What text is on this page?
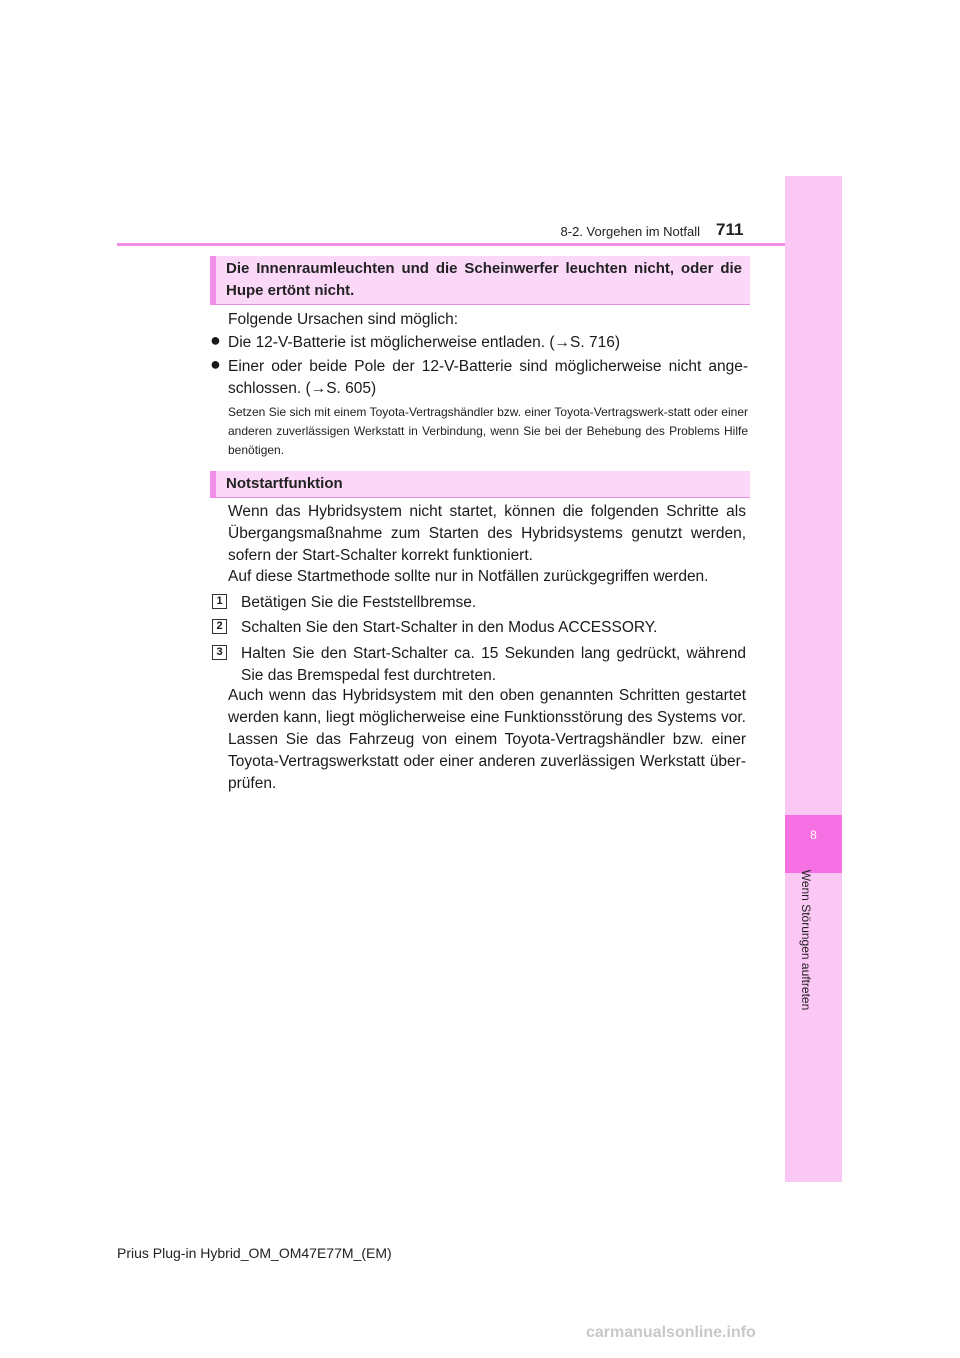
8-2. Vorgehen im Notfall 711
8
Wenn Störungen auftreten
Die Innenraumleuchten und die Scheinwerfer leuchten nicht, oder die Hupe ertönt nicht.
Folgende Ursachen sind möglich:
● Die 12-V-Batterie ist möglicherweise entladen. (→S. 716)
● Einer oder beide Pole der 12-V-Batterie sind möglicherweise nicht ange-schlossen. (→S. 605)
Setzen Sie sich mit einem Toyota-Vertragshändler bzw. einer Toyota-Vertragswerk-statt oder einer anderen zuverlässigen Werkstatt in Verbindung, wenn Sie bei der Behebung des Problems Hilfe benötigen.
Notstartfunktion
Wenn das Hybridsystem nicht startet, können die folgenden Schritte als Übergangsmaßnahme zum Starten des Hybridsystems genutzt werden, sofern der Start-Schalter korrekt funktioniert.
Auf diese Startmethode sollte nur in Notfällen zurückgegriffen werden.
1 Betätigen Sie die Feststellbremse.
2 Schalten Sie den Start-Schalter in den Modus ACCESSORY.
3 Halten Sie den Start-Schalter ca. 15 Sekunden lang gedrückt, während Sie das Bremspedal fest durchtreten.
Auch wenn das Hybridsystem mit den oben genannten Schritten gestartet werden kann, liegt möglicherweise eine Funktionsstörung des Systems vor. Lassen Sie das Fahrzeug von einem Toyota-Vertragshändler bzw. einer Toyota-Vertragswerkstatt oder einer anderen zuverlässigen Werkstatt über-prüfen.
Prius Plug-in Hybrid_OM_OM47E77M_(EM)
carmanualsonline.info
